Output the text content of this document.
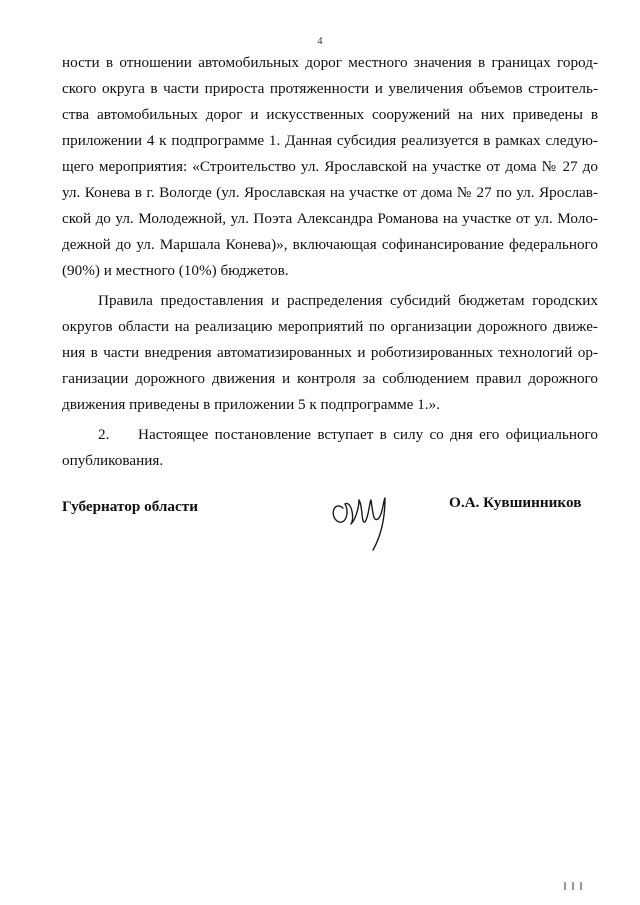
4
ности в отношении автомобильных дорог местного значения в границах город-
ского округа в части прироста протяженности и увеличения объемов строитель-
ства автомобильных дорог и искусственных сооружений на них приведены в
приложении 4 к подпрограмме 1. Данная субсидия реализуется в рамках следую-
щего мероприятия: «Строительство ул. Ярославской на участке от дома № 27 до
ул. Конева в г. Вологде (ул. Ярославская на участке от дома № 27 по ул. Ярослав-
ской до ул. Молодежной, ул. Поэта Александра Романова на участке от ул. Моло-
дежной до ул. Маршала Конева)», включающая софинансирование федерального
(90%) и местного (10%) бюджетов.
Правила предоставления и распределения субсидий бюджетам городских
округов области на реализацию мероприятий по организации дорожного движе-
ния в части внедрения автоматизированных и роботизированных технологий ор-
ганизации дорожного движения и контроля за соблюдением правил дорожного
движения приведены в приложении 5 к подпрограмме 1.».
2. Настоящее постановление вступает в силу со дня его официального
опубликования.
Губернатор области	О.А. Кувшинников
